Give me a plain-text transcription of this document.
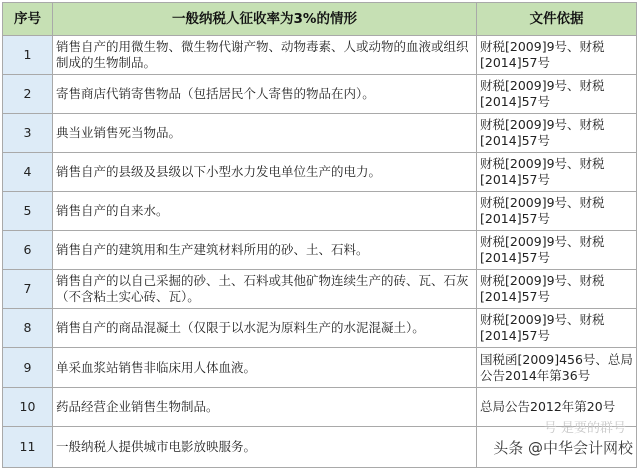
序号	一般纳税人征收率为3%的情形	文件依据
1	销售自产的用微生物、微生物代谢产物、动物毒素、人或动物的血液或组织制成的生物制品。	财税[2009]9号、财税[2014]57号
2	寄售商店代销寄售物品（包括居民个人寄售的物品在内）。	财税[2009]9号、财税[2014]57号
3	典当业销售死当物品。	财税[2009]9号、财税[2014]57号
4	销售自产的县级及县级以下小型水力发电单位生产的电力。	财税[2009]9号、财税[2014]57号
5	销售自产的自来水。	财税[2009]9号、财税[2014]57号
6	销售自产的建筑用和生产建筑材料所用的砂、土、石料。	财税[2009]9号、财税[2014]57号
7	销售自产的以自己采掘的砂、土、石料或其他矿物连续生产的砖、瓦、石灰（不含粘土实心砖、瓦）。	财税[2009]9号、财税[2014]57号
8	销售自产的商品混凝土（仅限于以水泥为原料生产的水泥混凝土）。	财税[2009]9号、财税[2014]57号
9	单采血浆站销售非临床用人体血液。	国税函[2009]456号、总局公告2014年第36号
10	药品经营企业销售生物制品。	总局公告2012年第20号
11	一般纳税人提供城市电影放映服务。	
号 是要的群号
头条 @中华会计网校
